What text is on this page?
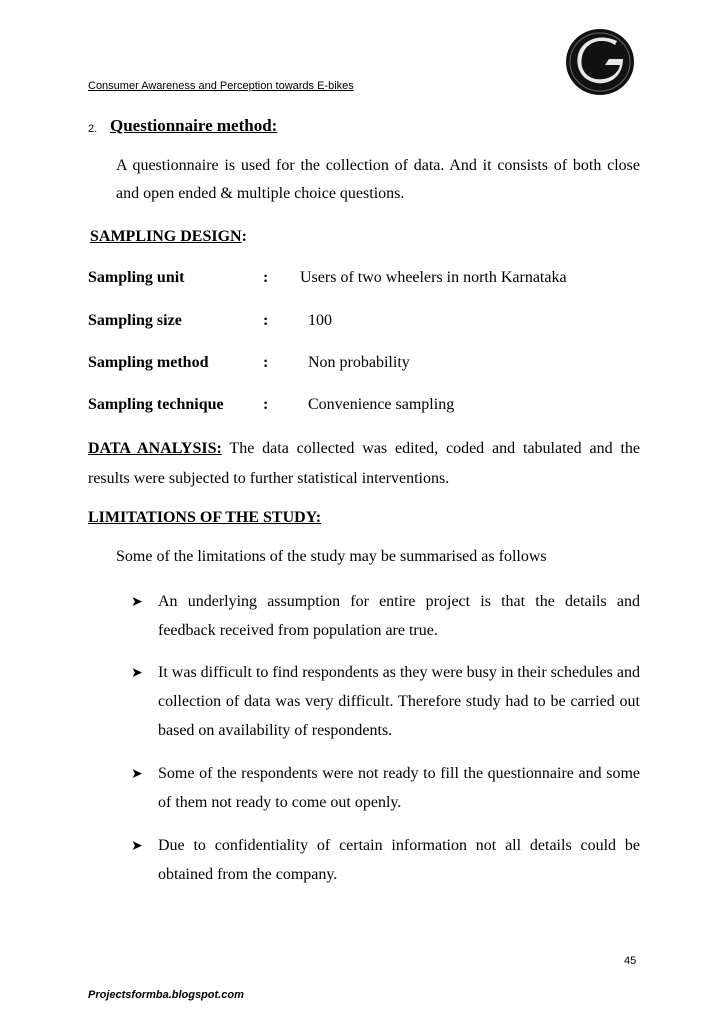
Consumer Awareness and Perception towards E-bikes
2. Questionnaire method:
A questionnaire is used for the collection of data. And it consists of both close and open ended & multiple choice questions.
SAMPLING DESIGN:
Sampling unit	: Users of two wheelers in north Karnataka
Sampling size	: 100
Sampling method	: Non probability
Sampling technique : Convenience sampling
DATA ANALYSIS: The data collected was edited, coded and tabulated and the results were subjected to further statistical interventions.
LIMITATIONS OF THE STUDY:
Some of the limitations of the study may be summarised as follows
➤ An underlying assumption for entire project is that the details and feedback received from population are true.
➤ It was difficult to find respondents as they were busy in their schedules and collection of data was very difficult. Therefore study had to be carried out based on availability of respondents.
➤ Some of the respondents were not ready to fill the questionnaire and some of them not ready to come out openly.
➤ Due to confidentiality of certain information not all details could be obtained from the company.
45
Projectsformba.blogspot.com
